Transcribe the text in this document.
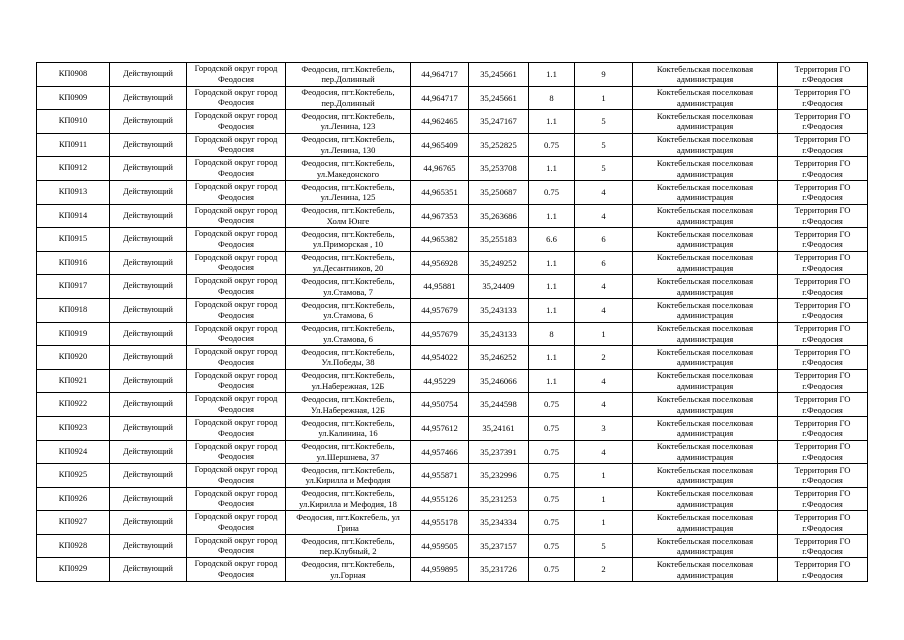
КП0908	Действующий	Городской округ город Феодосия	Феодосия, пгт.Коктебель,
пер.Долинный	44,964717	35,245661	1.1	9	Коктебельская поселковая администрация	Территория ГО г.Феодосия
КП0909	Действующий	Городской округ город Феодосия	Феодосия, пгт.Коктебель,
пер.Долинный	44,964717	35,245661	8	1	Коктебельская поселковая администрация	Территория ГО г.Феодосия
КП0910	Действующий	Городской округ город Феодосия	Феодосия, пгт.Коктебель,
ул.Ленина, 123	44,962465	35,247167	1.1	5	Коктебельская поселковая администрация	Территория ГО г.Феодосия
КП0911	Действующий	Городской округ город Феодосия	Феодосия, пгт.Коктебель,
ул.Ленина, 130	44,965409	35,252825	0.75	5	Коктебельская поселковая администрация	Территория ГО г.Феодосия
КП0912	Действующий	Городской округ город Феодосия	Феодосия, пгт.Коктебель,
ул.Македонского	44,96765	35,253708	1.1	5	Коктебельская поселковая администрация	Территория ГО г.Феодосия
КП0913	Действующий	Городской округ город Феодосия	Феодосия, пгт.Коктебель,
ул.Ленина, 125	44,965351	35,250687	0.75	4	Коктебельская поселковая администрация	Территория ГО г.Феодосия
КП0914	Действующий	Городской округ город Феодосия	Феодосия, пгт.Коктебель,
Холм Юнге	44,967353	35,263686	1.1	4	Коктебельская поселковая администрация	Территория ГО г.Феодосия
КП0915	Действующий	Городской округ город Феодосия	Феодосия, пгт.Коктебель,
ул.Приморская , 10	44,965382	35,255183	6.6	6	Коктебельская поселковая администрация	Территория ГО г.Феодосия
КП0916	Действующий	Городской округ город Феодосия	Феодосия, пгт.Коктебель,
ул.Десантников, 20	44,956928	35,249252	1.1	6	Коктебельская поселковая администрация	Территория ГО г.Феодосия
КП0917	Действующий	Городской округ город Феодосия	Феодосия, пгт.Коктебель,
ул.Стамова, 7	44,95881	35,24409	1.1	4	Коктебельская поселковая администрация	Территория ГО г.Феодосия
КП0918	Действующий	Городской округ город Феодосия	Феодосия, пгт.Коктебель,
ул.Стамова, 6	44,957679	35,243133	1.1	4	Коктебельская поселковая администрация	Территория ГО г.Феодосия
КП0919	Действующий	Городской округ город Феодосия	Феодосия, пгт.Коктебель,
ул.Стамова, 6	44,957679	35,243133	8	1	Коктебельская поселковая администрация	Территория ГО г.Феодосия
КП0920	Действующий	Городской округ город Феодосия	Феодосия, пгт.Коктебель,
Ул.Победы, 38	44,954022	35,246252	1.1	2	Коктебельская поселковая администрация	Территория ГО г.Феодосия
КП0921	Действующий	Городской округ город Феодосия	Феодосия, пгт.Коктебель,
ул.Набережная, 12Б	44,95229	35,246066	1.1	4	Коктебельская поселковая администрация	Территория ГО г.Феодосия
КП0922	Действующий	Городской округ город Феодосия	Феодосия, пгт.Коктебель,
Ул.Набережная, 12Б	44,950754	35,244598	0.75	4	Коктебельская поселковая администрация	Территория ГО г.Феодосия
КП0923	Действующий	Городской округ город Феодосия	Феодосия, пгт.Коктебель,
ул.Калинина, 16	44,957612	35,24161	0.75	3	Коктебельская поселковая администрация	Территория ГО г.Феодосия
КП0924	Действующий	Городской округ город Феодосия	Феодосия, пгт.Коктебель,
ул.Шершнева, 37	44,957466	35,237391	0.75	4	Коктебельская поселковая администрация	Территория ГО г.Феодосия
КП0925	Действующий	Городской округ город Феодосия	Феодосия, пгт.Коктебель,
ул.Кирилла и Мефодия	44,955871	35,232996	0.75	1	Коктебельская поселковая администрация	Территория ГО г.Феодосия
КП0926	Действующий	Городской округ город Феодосия	Феодосия, пгт.Коктебель,
ул.Кирилла и Мефодия, 18	44,955126	35,231253	0.75	1	Коктебельская поселковая администрация	Территория ГО г.Феодосия
КП0927	Действующий	Городской округ город Феодосия	Феодосия, пгт.Коктебель, ул
Грина	44,955178	35,234334	0.75	1	Коктебельская поселковая администрация	Территория ГО г.Феодосия
КП0928	Действующий	Городской округ город Феодосия	Феодосия, пгт.Коктебель,
пер.Клубный, 2	44,959505	35,237157	0.75	5	Коктебельская поселковая администрация	Территория ГО г.Феодосия
КП0929	Действующий	Городской округ город Феодосия	Феодосия, пгт.Коктебель,
ул.Горная	44,959895	35,231726	0.75	2	Коктебельская поселковая администрация	Территория ГО г.Феодосия
